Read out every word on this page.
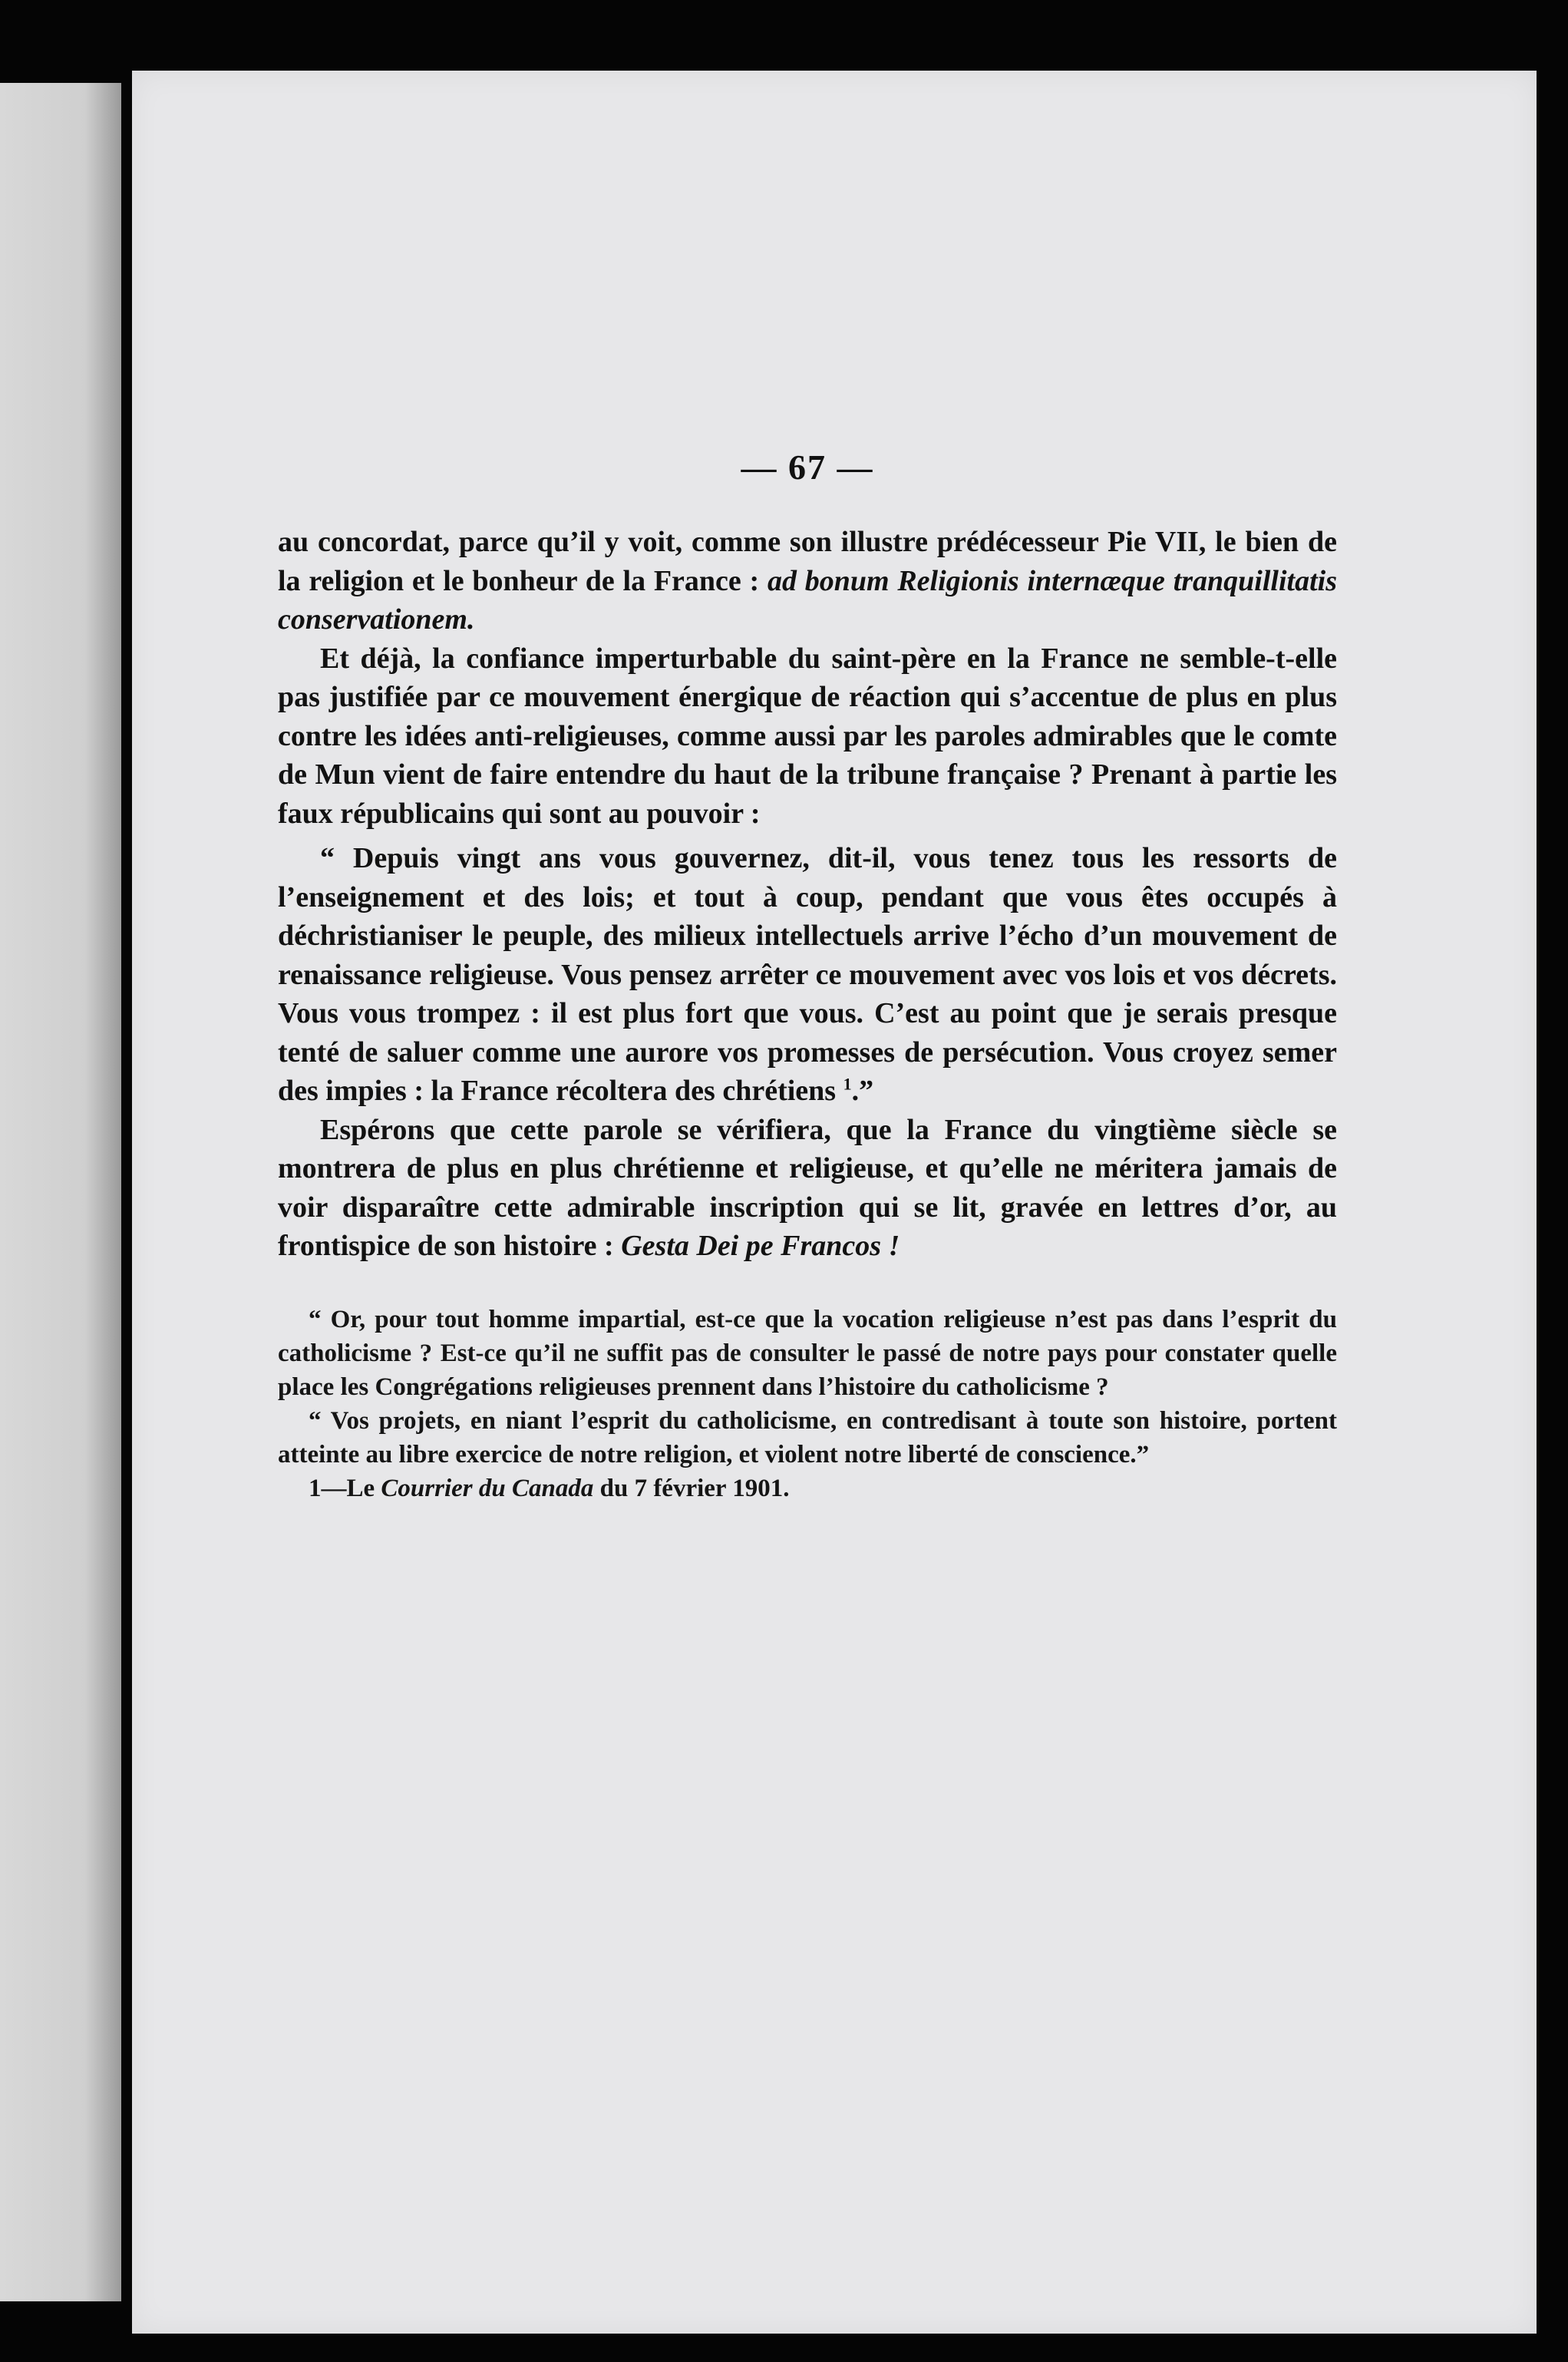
— 67 —

au concordat, parce qu’il y voit, comme son illustre prédécesseur Pie VII, le bien de la religion et le bonheur de la France : ad bonum Religionis internæque tranquillitatis conservationem.

Et déjà, la confiance imperturbable du saint-père en la France ne semble-t-elle pas justifiée par ce mouvement énergique de réaction qui s’accentue de plus en plus contre les idées anti-religieuses, comme aussi par les paroles admirables que le comte de Mun vient de faire entendre du haut de la tribune française ? Prenant à partie les faux républicains qui sont au pouvoir :

“ Depuis vingt ans vous gouvernez, dit-il, vous tenez tous les ressorts de l’enseignement et des lois; et tout à coup, pendant que vous êtes occupés à déchristianiser le peuple, des milieux intellectuels arrive l’écho d’un mouvement de renaissance religieuse. Vous pensez arrêter ce mouvement avec vos lois et vos décrets. Vous vous trompez : il est plus fort que vous. C’est au point que je serais presque tenté de saluer comme une aurore vos promesses de persécution. Vous croyez semer des impies : la France récoltera des chrétiens $^1$.”

Espérons que cette parole se vérifiera, que la France du vingtième siècle se montrera de plus en plus chrétienne et religieuse, et qu’elle ne méritera jamais de voir disparaître cette admirable inscription qui se lit, gravée en lettres d’or, au frontispice de son histoire : Gesta Dei pe Francos !

“ Or, pour tout homme impartial, est-ce que la vocation religieuse n’est pas dans l’esprit du catholicisme ? Est-ce qu’il ne suffit pas de consulter le passé de notre pays pour constater quelle place les Congrégations religieuses prennent dans l’histoire du catholicisme ?

“ Vos projets, en niant l’esprit du catholicisme, en contredisant à toute son histoire, portent atteinte au libre exercice de notre religion, et violent notre liberté de conscience.”

1—Le Courrier du Canada du 7 février 1901.
